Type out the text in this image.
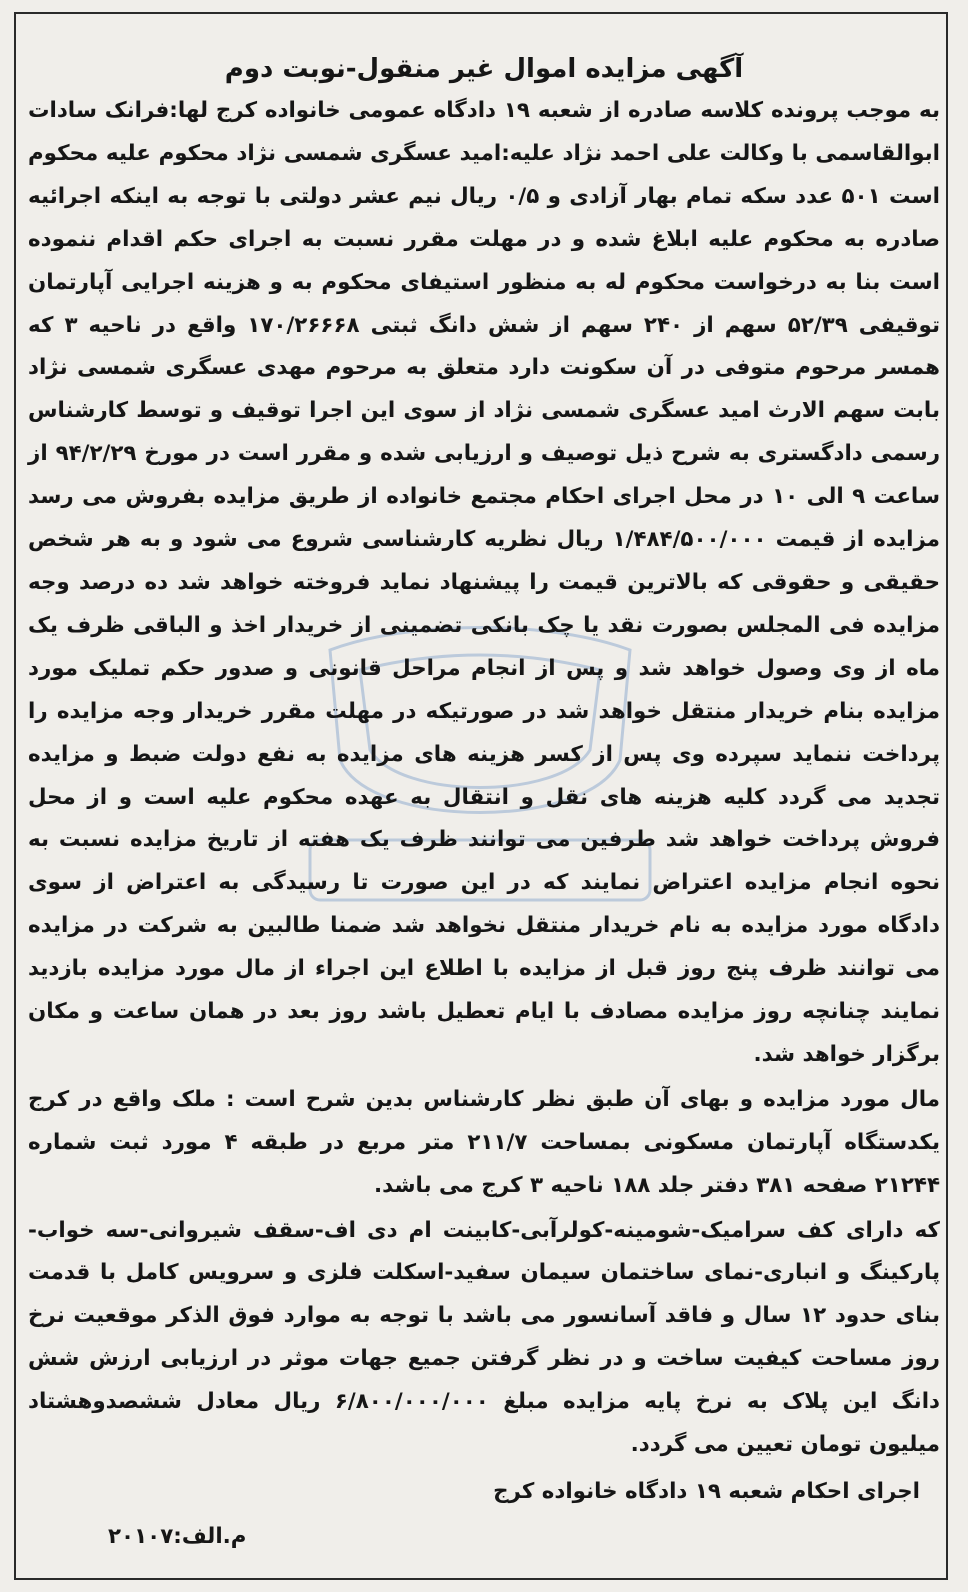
آگهی مزایده اموال غیر منقول-نوبت دوم
به موجب پرونده کلاسه صادره از شعبه ۱۹ دادگاه عمومی خانواده کرج لها:فرانک سادات ابوالقاسمی با وکالت علی احمد نژاد علیه:امید عسگری شمسی نژاد محکوم علیه محکوم است ۵۰۱ عدد سکه تمام بهار آزادی و ۰/۵ ریال نیم عشر دولتی با توجه به اینکه اجرائیه صادره به محکوم علیه ابلاغ شده و در مهلت مقرر نسبت به اجرای حکم اقدام ننموده است بنا به درخواست محکوم له به منظور استیفای محکوم به و هزینه اجرایی آپارتمان توقیفی ۵۲/۳۹ سهم از ۲۴۰ سهم از شش دانگ ثبتی ۱۷۰/۲۶۶۶۸ واقع در ناحیه ۳ که همسر مرحوم متوفی در آن سکونت دارد متعلق به مرحوم مهدی عسگری شمسی نژاد بابت سهم الارث امید عسگری شمسی نژاد از سوی این اجرا توقیف و توسط کارشناس رسمی دادگستری به شرح ذیل توصیف و ارزیابی شده و مقرر است در مورخ ۹۴/۲/۲۹ از ساعت ۹ الی ۱۰ در محل اجرای احکام مجتمع خانواده از طریق مزایده بفروش می رسد مزایده از قیمت ۱/۴۸۴/۵۰۰/۰۰۰ ریال نظریه کارشناسی شروع می شود و به هر شخص حقیقی و حقوقی که بالاترین قیمت را پیشنهاد نماید فروخته خواهد شد ده درصد وجه مزایده فی المجلس بصورت نقد یا چک بانکی تضمینی از خریدار اخذ و الباقی ظرف یک ماه از وی وصول خواهد شد و پس از انجام مراحل قانونی و صدور حکم تملیک مورد مزایده بنام خریدار منتقل خواهد شد در صورتیکه در مهلت مقرر خریدار وجه مزایده را پرداخت ننماید سپرده وی پس از کسر هزینه های مزایده به نفع دولت ضبط و مزایده تجدید می گردد کلیه هزینه های نقل و انتقال به عهده محکوم علیه است و از محل فروش پرداخت خواهد شد طرفین می توانند ظرف یک هفته از تاریخ مزایده نسبت به نحوه انجام مزایده اعتراض نمایند که در این صورت تا رسیدگی به اعتراض از سوی دادگاه مورد مزایده به نام خریدار منتقل نخواهد شد ضمنا طالبین به شرکت در مزایده می توانند ظرف پنج روز قبل از مزایده با اطلاع این اجراء از مال مورد مزایده بازدید نمایند چنانچه روز مزایده مصادف با ایام تعطیل باشد روز بعد در همان ساعت و مکان برگزار خواهد شد.
مال مورد مزایده و بهای آن طبق نظر کارشناس بدین شرح است : ملک واقع در کرج یکدستگاه آپارتمان مسکونی بمساحت ۲۱۱/۷ متر مربع در طبقه ۴ مورد ثبت شماره ۲۱۲۴۴ صفحه ۳۸۱ دفتر جلد ۱۸۸ ناحیه ۳ کرج می باشد.
که دارای کف سرامیک-شومینه-کولرآبی-کابینت ام دی اف-سقف شیروانی-سه خواب-پارکینگ و انباری-نمای ساختمان سیمان سفید-اسکلت فلزی و سرویس کامل با قدمت بنای حدود ۱۲ سال و فاقد آسانسور می باشد با توجه به موارد فوق الذکر موقعیت نرخ روز مساحت کیفیت ساخت و در نظر گرفتن جمیع جهات موثر در ارزیابی ارزش شش دانگ این پلاک به نرخ پایه مزایده مبلغ ۶/۸۰۰/۰۰۰/۰۰۰ ریال معادل ششصدوهشتاد میلیون تومان تعیین می گردد.
اجرای احکام شعبه ۱۹ دادگاه خانواده کرج
م.الف:۲۰۱۰۷
